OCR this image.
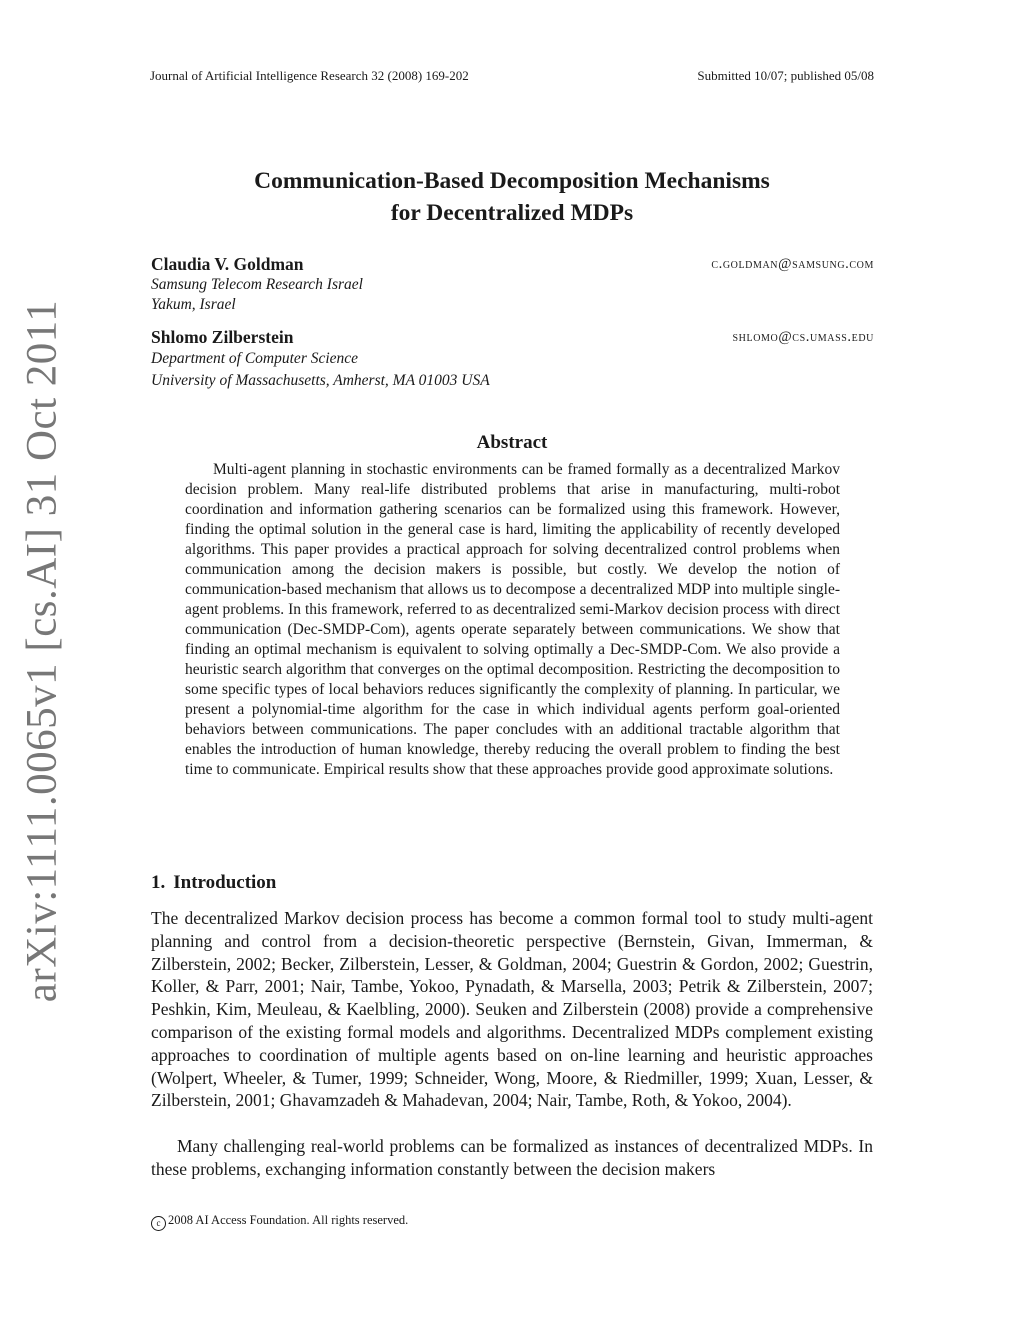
Journal of Artificial Intelligence Research 32 (2008) 169-202	Submitted 10/07; published 05/08
Communication-Based Decomposition Mechanisms
for Decentralized MDPs
Claudia V. Goldman	c.goldman@samsung.com
Samsung Telecom Research Israel
Yakum, Israel
Shlomo Zilberstein	shlomo@cs.umass.edu
Department of Computer Science
University of Massachusetts, Amherst, MA 01003 USA
Abstract
Multi-agent planning in stochastic environments can be framed formally as a decentralized Markov decision problem. Many real-life distributed problems that arise in manufacturing, multi-robot coordination and information gathering scenarios can be formalized using this framework. However, finding the optimal solution in the general case is hard, limiting the applicability of recently developed algorithms. This paper provides a practical approach for solving decentralized control problems when communication among the decision makers is possible, but costly. We develop the notion of communication-based mechanism that allows us to decompose a decentralized MDP into multiple single-agent problems. In this framework, referred to as decentralized semi-Markov decision process with direct communication (Dec-SMDP-Com), agents operate separately between communications. We show that finding an optimal mechanism is equivalent to solving optimally a Dec-SMDP-Com. We also provide a heuristic search algorithm that converges on the optimal decomposition. Restricting the decomposition to some specific types of local behaviors reduces significantly the complexity of planning. In particular, we present a polynomial-time algorithm for the case in which individual agents perform goal-oriented behaviors between communications. The paper concludes with an additional tractable algorithm that enables the introduction of human knowledge, thereby reducing the overall problem to finding the best time to communicate. Empirical results show that these approaches provide good approximate solutions.
1. Introduction
The decentralized Markov decision process has become a common formal tool to study multi-agent planning and control from a decision-theoretic perspective (Bernstein, Givan, Immerman, & Zilberstein, 2002; Becker, Zilberstein, Lesser, & Goldman, 2004; Guestrin & Gordon, 2002; Guestrin, Koller, & Parr, 2001; Nair, Tambe, Yokoo, Pynadath, & Marsella, 2003; Petrik & Zilberstein, 2007; Peshkin, Kim, Meuleau, & Kaelbling, 2000). Seuken and Zilberstein (2008) provide a comprehensive comparison of the existing formal models and algorithms. Decentralized MDPs complement existing approaches to coordination of multiple agents based on on-line learning and heuristic approaches (Wolpert, Wheeler, & Tumer, 1999; Schneider, Wong, Moore, & Riedmiller, 1999; Xuan, Lesser, & Zilberstein, 2001; Ghavamzadeh & Mahadevan, 2004; Nair, Tambe, Roth, & Yokoo, 2004).
Many challenging real-world problems can be formalized as instances of decentralized MDPs. In these problems, exchanging information constantly between the decision makers
c 2008 AI Access Foundation. All rights reserved.
arXiv:1111.0065v1 [cs.AI] 31 Oct 2011
